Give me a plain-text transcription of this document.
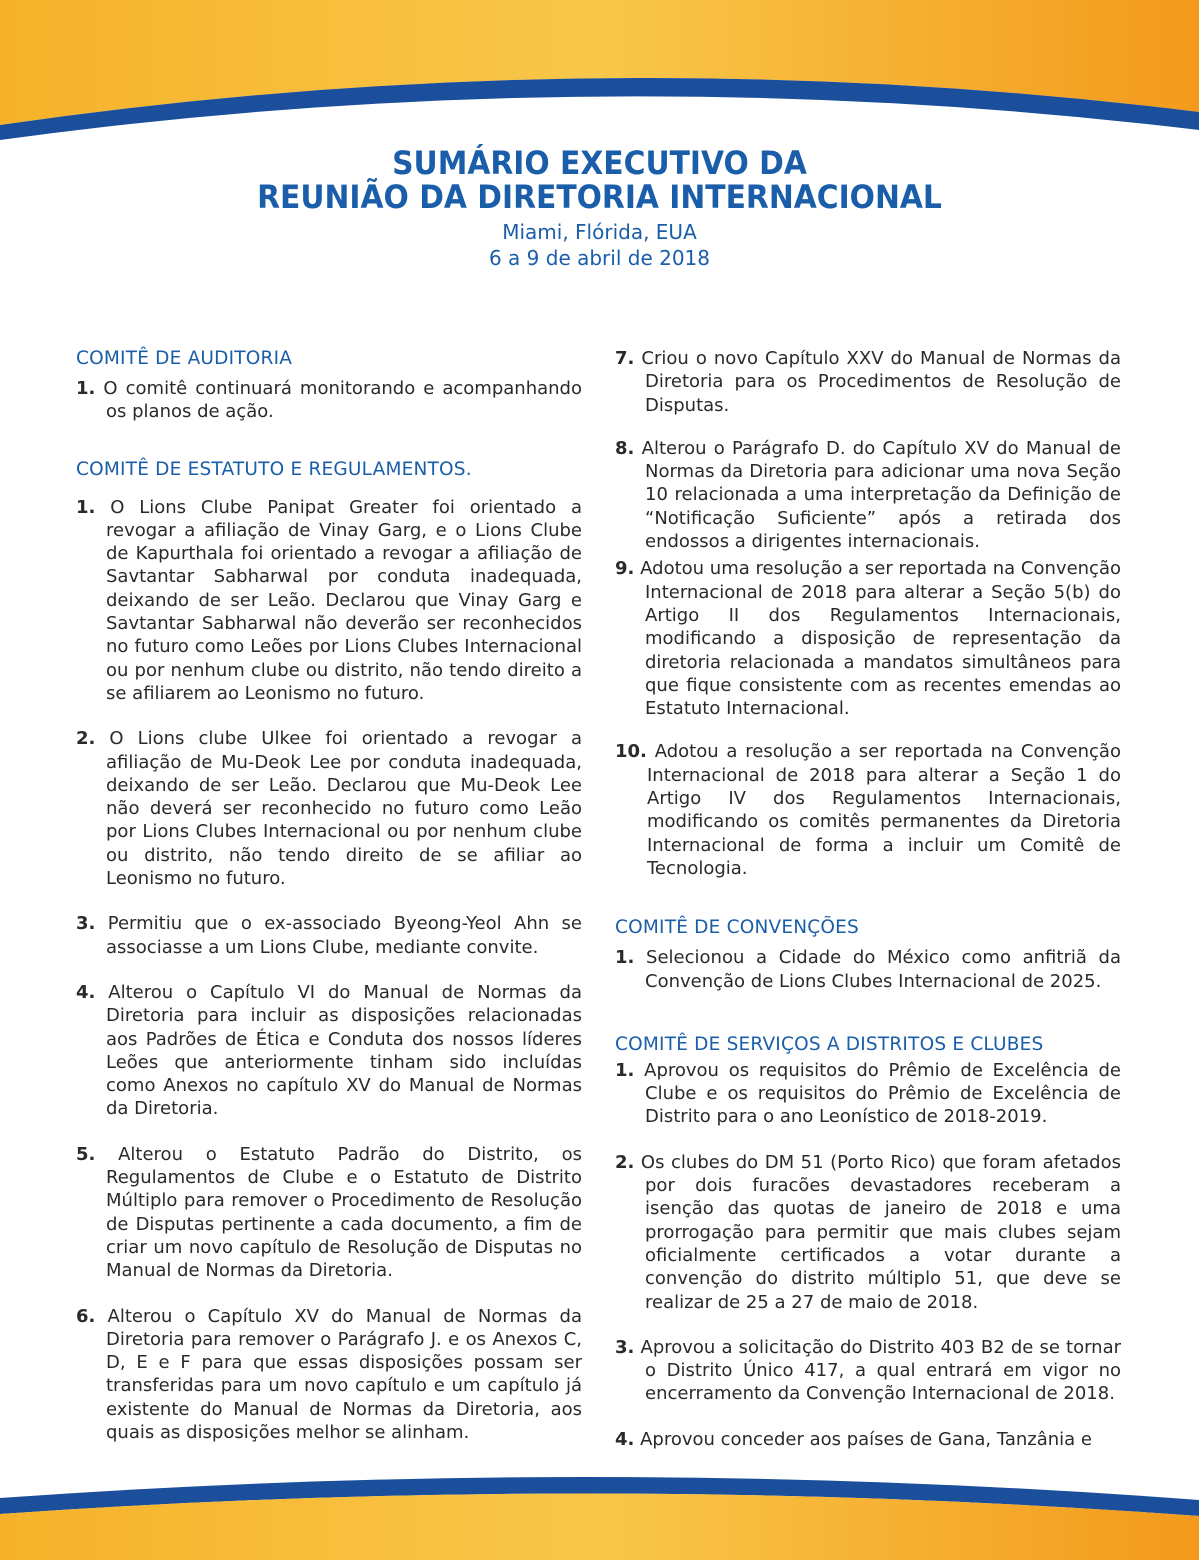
SUMÁRIO EXECUTIVO DA
REUNIÃO DA DIRETORIA INTERNACIONAL
Miami, Flórida, EUA
6 a 9 de abril de 2018
COMITÊ DE AUDITORIA

1. O comitê continuará monitorando e acompanhando os planos de ação.

COMITÊ DE ESTATUTO E REGULAMENTOS.

1. O Lions Clube Panipat Greater foi orientado a revogar a afiliação de Vinay Garg, e o Lions Clube de Kapurthala foi orientado a revogar a afiliação de Savtantar Sabharwal por conduta inadequada, deixando de ser Leão. Declarou que Vinay Garg e Savtantar Sabharwal não deverão ser reconhecidos no futuro como Leões por Lions Clubes Internacional ou por nenhum clube ou distrito, não tendo direito a se afiliarem ao Leonismo no futuro.

2. O Lions clube Ulkee foi orientado a revogar a afiliação de Mu-Deok Lee por conduta inadequada, deixando de ser Leão. Declarou que Mu-Deok Lee não deverá ser reconhecido no futuro como Leão por Lions Clubes Internacional ou por nenhum clube ou distrito, não tendo direito de se afiliar ao Leonismo no futuro.

3. Permitiu que o ex-associado Byeong-Yeol Ahn se associasse a um Lions Clube, mediante convite.

4. Alterou o Capítulo VI do Manual de Normas da Diretoria para incluir as disposições relacionadas aos Padrões de Ética e Conduta dos nossos líderes Leões que anteriormente tinham sido incluídas como Anexos no capítulo XV do Manual de Normas da Diretoria.

5. Alterou o Estatuto Padrão do Distrito, os Regulamentos de Clube e o Estatuto de Distrito Múltiplo para remover o Procedimento de Resolução de Disputas pertinente a cada documento, a fim de criar um novo capítulo de Resolução de Disputas no Manual de Normas da Diretoria.

6. Alterou o Capítulo XV do Manual de Normas da Diretoria para remover o Parágrafo J. e os Anexos C, D, E e F para que essas disposições possam ser transferidas para um novo capítulo e um capítulo já existente do Manual de Normas da Diretoria, aos quais as disposições melhor se alinham.

7. Criou o novo Capítulo XXV do Manual de Normas da Diretoria para os Procedimentos de Resolução de Disputas.

8. Alterou o Parágrafo D. do Capítulo XV do Manual de Normas da Diretoria para adicionar uma nova Seção 10 relacionada a uma interpretação da Definição de “Notificação Suficiente” após a retirada dos endossos a dirigentes internacionais.

9. Adotou uma resolução a ser reportada na Convenção Internacional de 2018 para alterar a Seção 5(b) do Artigo II dos Regulamentos Internacionais, modificando a disposição de representação da diretoria relacionada a mandatos simultâneos para que fique consistente com as recentes emendas ao Estatuto Internacional.

10. Adotou a resolução a ser reportada na Convenção Internacional de 2018 para alterar a Seção 1 do Artigo IV dos Regulamentos Internacionais, modificando os comitês permanentes da Diretoria Internacional de forma a incluir um Comitê de Tecnologia.

COMITÊ DE CONVENÇÕES

1. Selecionou a Cidade do México como anfitriã da Convenção de Lions Clubes Internacional de 2025.

COMITÊ DE SERVIÇOS A DISTRITOS E CLUBES

1. Aprovou os requisitos do Prêmio de Excelência de Clube e os requisitos do Prêmio de Excelência de Distrito para o ano Leonístico de 2018-2019.

2. Os clubes do DM 51 (Porto Rico) que foram afetados por dois furacões devastadores receberam a isenção das quotas de janeiro de 2018 e uma prorrogação para permitir que mais clubes sejam oficialmente certificados a votar durante a convenção do distrito múltiplo 51, que deve se realizar de 25 a 27 de maio de 2018.

3. Aprovou a solicitação do Distrito 403 B2 de se tornar o Distrito Único 417, a qual entrará em vigor no encerramento da Convenção Internacional de 2018.

4. Aprovou conceder aos países de Gana, Tanzânia e
